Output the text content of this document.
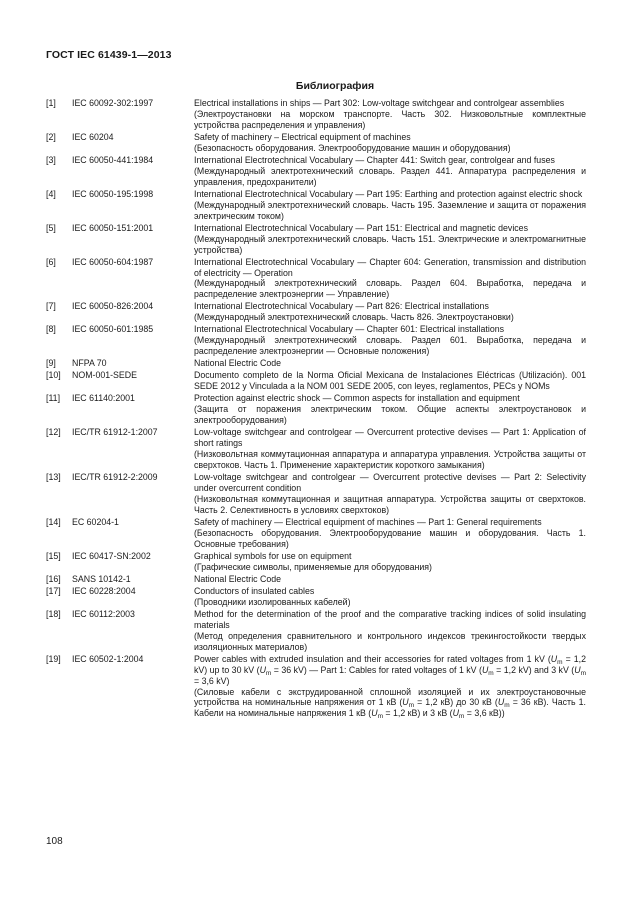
ГОСТ IEC 61439-1—2013
Библиография
[1]	IEC 60092-302:1997	Electrical installations in ships — Part 302: Low-voltage switchgear and controlgear assemblies
(Электроустановки на морском транспорте. Часть 302. Низковольтные комплектные устройства распределения и управления)
[2]	IEC 60204	Safety of machinery – Electrical equipment of machines
(Безопасность оборудования. Электрооборудование машин и оборудования)
[3]	IEC 60050-441:1984	International Electrotechnical Vocabulary — Chapter 441: Switch gear, controlgear and fuses
(Международный электротехнический словарь. Раздел 441. Аппаратура распределения и управления, предохранители)
[4]	IEC 60050-195:1998	International Electrotechnical Vocabulary — Part 195: Earthing and protection against electric shock
(Международный электротехнический словарь. Часть 195. Заземление и защита от поражения электрическим током)
[5]	IEC 60050-151:2001	International Electrotechnical Vocabulary — Part 151: Electrical and magnetic devices
(Международный электротехнический словарь. Часть 151. Электрические и электромагнитные устройства)
[6]	IEC 60050-604:1987	International Electrotechnical Vocabulary — Chapter 604: Generation, transmission and distribution of electricity — Operation
(Международный электротехнический словарь. Раздел 604. Выработка, передача и распределение электроэнергии — Управление)
[7]	IEC 60050-826:2004	International Electrotechnical Vocabulary — Part 826: Electrical installations
(Международный электротехнический словарь. Часть 826. Электроустановки)
[8]	IEC 60050-601:1985	International Electrotechnical Vocabulary — Chapter 601: Electrical installations
(Международный электротехнический словарь. Раздел 601. Выработка, передача и распределение электроэнергии — Основные положения)
[9]	NFPA 70	National Electric Code
[10]	NOM-001-SEDE	Documento completo de la Norma Oficial Mexicana de Instalaciones Eléctricas (Utilización). 001 SEDE 2012 y Vinculada a la NOM 001 SEDE 2005, con leyes, reglamentos, PECs y NOMs
[11]	IEC 61140:2001	Protection against electric shock — Common aspects for installation and equipment
(Защита от поражения электрическим током. Общие аспекты электроустановок и электрооборудования)
[12]	IEC/TR 61912-1:2007	Low-voltage switchgear and controlgear — Overcurrent protective devises — Part 1: Application of short ratings
(Низковольтная коммутационная аппаратура и аппаратура управления. Устройства защиты от сверхтоков. Часть 1. Применение характеристик короткого замыкания)
[13]	IEC/TR 61912-2:2009	Low-voltage switchgear and controlgear — Overcurrent protective devises — Part 2: Selectivity under overcurrent condition
(Низковольтная коммутационная и защитная аппаратура. Устройства защиты от сверхтоков. Часть 2. Селективность в условиях сверхтоков)
[14]	EC 60204-1	Safety of machinery — Electrical equipment of machines — Part 1: General requirements
(Безопасность оборудования. Электрооборудование машин и оборудования. Часть 1. Основные требования)
[15]	IEC 60417-SN:2002	Graphical symbols for use on equipment
(Графические символы, применяемые для оборудования)
[16]	SANS 10142-1	National Electric Code
[17]	IEC 60228:2004	Conductors of insulated cables
(Проводники изолированных кабелей)
[18]	IEC 60112:2003	Method for the determination of the proof and the comparative tracking indices of solid insulating materials
(Метод определения сравнительного и контрольного индексов трекингостойкости твердых изоляционных материалов)
[19]	IEC 60502-1:2004	Power cables with extruded insulation and their accessories for rated voltages from 1 kV ($U_m = 1,2$ kV) up to 30 kV ($U_m = 36$ kV) — Part 1: Cables for rated voltages of 1 kV ($U_m = 1,2$ kV) and 3 kV ($U_m = 3,6$ kV)
(Силовые кабели с экструдированной сплошной изоляцией и их электроустановочные устройства на номинальные напряжения от 1 кВ ($U_m = 1,2$ кВ) до 30 кВ ($U_m = 36$ кВ). Часть 1. Кабели на номинальные напряжения 1 кВ ($U_m = 1,2$ кВ) и 3 кВ ($U_m = 3,6$ кВ))
108
